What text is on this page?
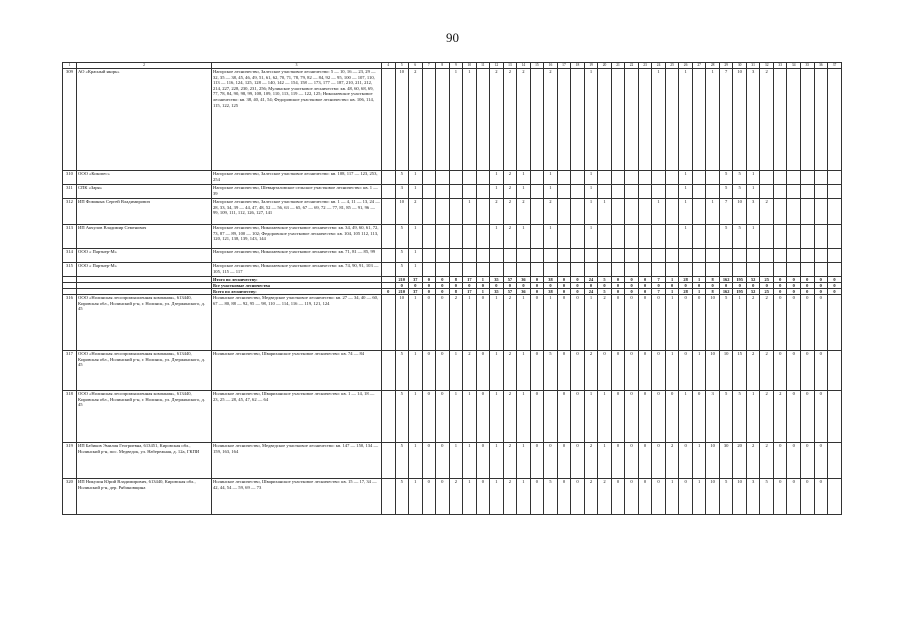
90
1	2	3	4	5	6	7	8	9	10	11	12	13	14	15	16	17	18	19	20	21	22	23	24	25	26	27	28	29	30	31	32	33	34	35	36	37
309	АО «Красный якорь»	Нагорское лесничество, Залесское участковое лесничество: 5 — 10, 16 — 23, 29 — 32, 35 — 38, 45, 46, 49, 51, 61, 62, 70, 71, 78, 79, 82 — 84, 92 — 95, 100 — 107, 110, 113 — 116, 124, 125, 128 — 140, 142 — 154, 158 — 173, 177 — 187, 210, 211, 212, 214, 227, 228, 230, 231, 256; Мулинское участковое лесничество: кв. 48, 60, 68, 69, 77, 78, 84, 90, 98, 99, 108, 109, 110, 113, 119 — 122, 125; Николаевское участковое лесничество: кв. 38, 40, 41, 54; Федоровское участковое лесничество: кв. 106, 114, 115, 122, 125		10	2			1	1		2	2	2		2			1					1		1		1	7	10	3	2					
310	ООО «Кокопес»	Нагорское лесничество, Залесское участковое лесничество: кв. 108, 117 — 123, 253, 254		5	1						1	2	1		1			1							1			5	5	1						
311	СПК «Заря»	Нагорское лесничество, Шевырталовское сельское участковое лесничество: кв. 1 — 39		3	1						1	2	1		1			1							1			5	5	1						
312	ИП Фоминых Сергей Владимирович	Нагорское лесничество, Залесское участковое лесничество: кв. 1 — 4, 11 — 13, 24 — 28, 33, 34, 39 — 44, 47, 48, 52 — 56, 63 — 65, 67 — 69, 72 — 77, 81, 85 — 91, 96 — 99, 109, 111, 112, 126, 127, 141		10	2				1		2	2	2		2			1	1				1		1		1	7	10	3	2					
313	ИП Акчулов Владимир Семенович	Нагорское лесничество, Николаевское участковое лесничество: кв. 34, 49, 60, 61, 72, 73, 87 — 89, 100 — 102; Федоровское участковое лесничество: кв. 104, 105 112, 113, 120, 121, 138, 139, 143, 144		5	1						1	2	1		1			1							1			5	5	1						
314	ООО « Партнер-М»	Нагорское лесничество, Николаевское участковое лесничество: кв. 71, 81 — 85, 99		5	1																															
315	ООО « Партнер-М»	Нагорское лесничество, Николаевское участковое лесничество: кв. 74, 90, 91, 103 — 105, 115 — 117		5	1																															
		Итого по лесничеству:		210	37	0	0	8	17	1	35	57	36	0	38	0	0	24	5	0	0	0	7	1	28	1	8	162	195	52	25	0	0	0	0	0
		Все участковые лесничества		0	0	0	0	0	0	0	0	0	0	0	0	0	0	0	0	0	0	0	0	0	0	0	0	0	0	0	0	0	0	0	0	0
		Всего по лесничеству:	0	210	37	0	0	8	17	1	35	57	36	0	38	0	0	24	5	0	0	0	7	1	28	1	8	162	195	52	25	0	0	0	0	0
316	ООО «Нолинская лесопромышленная компания», 613440, Кировская обл., Нолинский р-н, г. Нолинск, ул. Дзержинского, д. 45	Нолинское лесничество, Медведское участковое лесничество: кв. 27 — 34, 40 — 60, 67 — 80, 88 — 92, 95 — 98, 110 — 114, 116 — 119, 121, 124		10	1	0	0	2	1	0	1	2	1	0	1	0	0	1	2	0	0	0	0	1	0	0	10	5	1	2	2	0	0	0	0	
317	ООО «Нолинская лесопромышленная компания», 613440, Кировская обл., Нолинский р-н, г. Нолинск, ул. Дзержинского, д. 45	Нолинское лесничество, Швариханское участковое лесничество: кв. 74 — 84		5	1	0	0	1	2	0	1	2	1	0	5	0	0	2	0	0	0	0	0	1	0	1	10	10	15	2	2	0	0	0	0	
318	ООО «Нолинская лесопромышленная компания», 613440, Кировская обл., Нолинский р-н, г. Нолинск, ул. Дзержинского, д. 45	Нолинское лесничество, Швариханское участковое лесничество: кв. 1 — 14, 18 — 23, 25 — 28, 45, 47, 62 — 64		5	1	0	0	1	1	0	1	2	1	0		0	0	1	1	0	0	0	0	0	1	0	3	5	5	1	2	2	0	0	0	
319	ИП Бабиков Эмилия Геогриевна, 613451, Кировская обл., Нолинский р-н, пос. Медведок, ул. Набережная, д. 12а, ГКПИ	Нолинское лесничество, Медведское участковое лесничество: кв. 147 — 150, 134 — 159, 163, 164		5	1	0	0	1	1	0	1	2	1	0	0	0	0	2	1	0	0	0	0	2	0	1	10	30	20	2	2	0	0	0	0	
320	ИП Никулин Юрий Владимирович, 613440, Кировская обл., Нолинский р-н, дер. Рябиновщина	Нолинское лесничество, Швариханское участковое лесничество: кв. 15 — 17, 34 — 42, 44, 54 — 59, 69 — 73		5	1	0	0	2	1	0	1	2	1	0	5	0	0	2	2	0	0	0	0	1	0	1	10	5	10	3	5	0	0	0	0	
